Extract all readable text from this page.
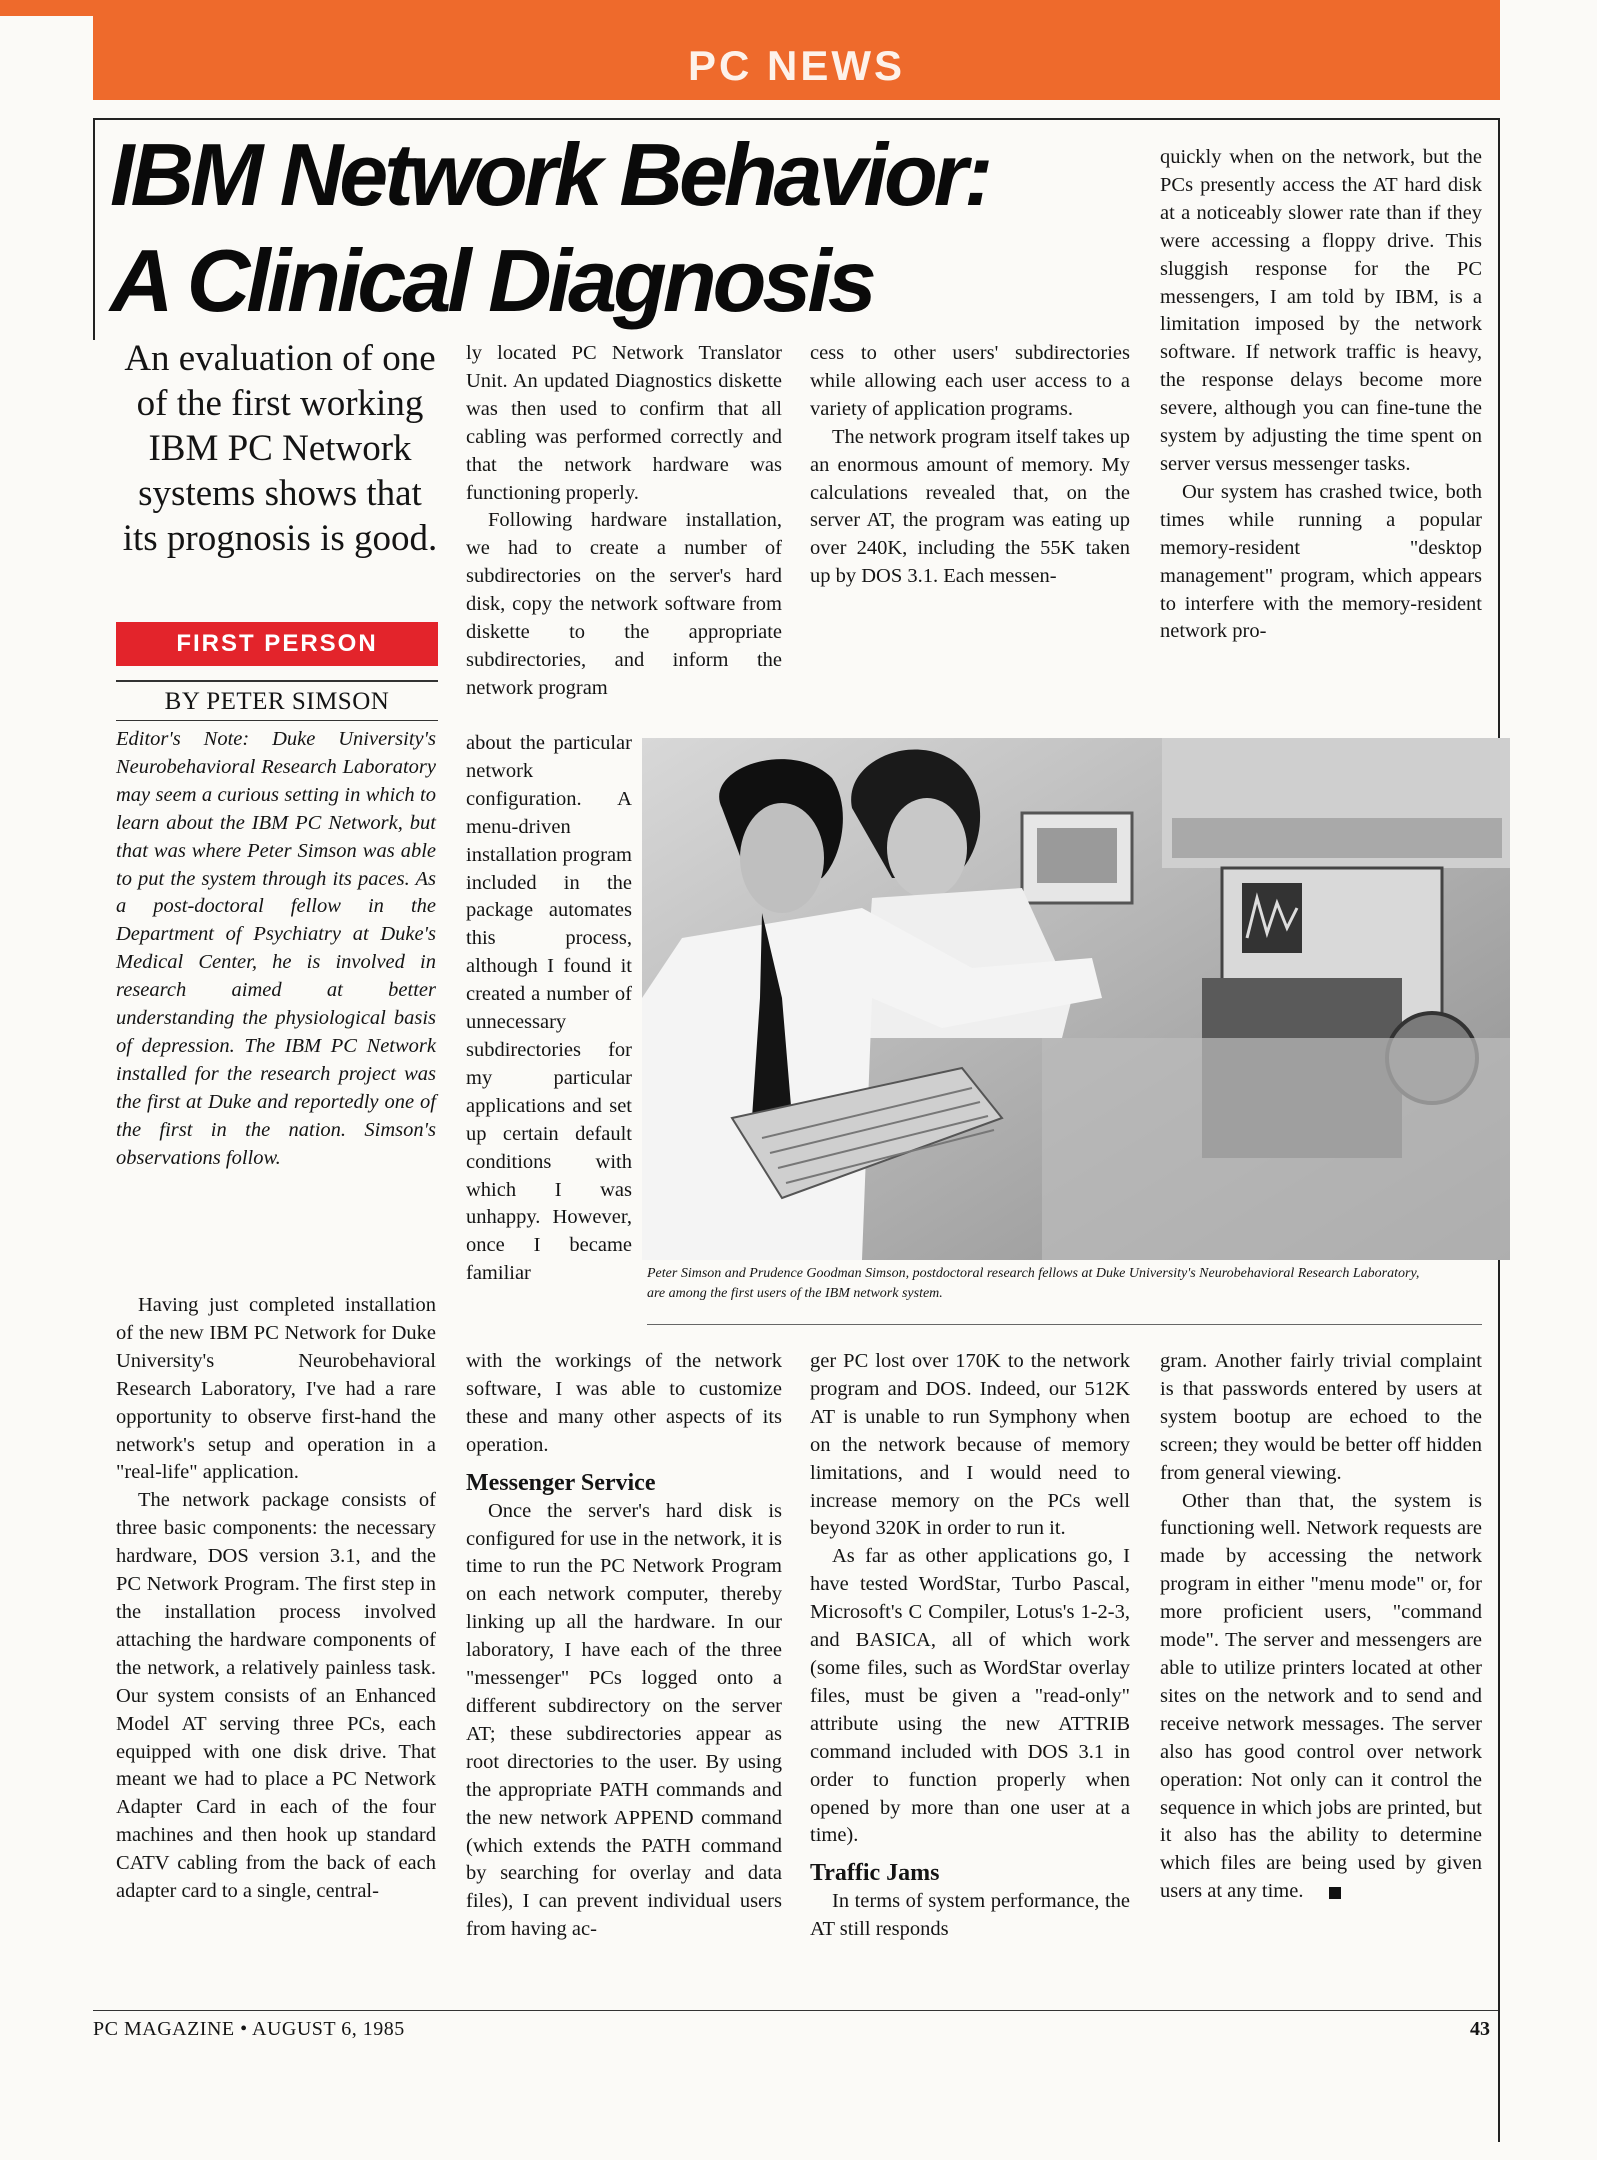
PC NEWS
IBM Network Behavior:
A Clinical Diagnosis
An evaluation of one of the first working IBM PC Network systems shows that its prognosis is good.
FIRST PERSON
BY PETER SIMSON
Editor's Note: Duke University's Neurobehavioral Research Laboratory may seem a curious setting in which to learn about the IBM PC Network, but that was where Peter Simson was able to put the system through its paces. As a post-doctoral fellow in the Department of Psychiatry at Duke's Medical Center, he is involved in research aimed at better understanding the physiological basis of depression. The IBM PC Network installed for the research project was the first at Duke and reportedly one of the first in the nation. Simson's observations follow.

Having just completed installation of the new IBM PC Network for Duke University's Neurobehavioral Research Laboratory, I've had a rare opportunity to observe first-hand the network's setup and operation in a "real-life" application.

The network package consists of three basic components: the necessary hardware, DOS version 3.1, and the PC Network Program. The first step in the installation process involved attaching the hardware components of the network, a relatively painless task. Our system consists of an Enhanced Model AT serving three PCs, each equipped with one disk drive. That meant we had to place a PC Network Adapter Card in each of the four machines and then hook up standard CATV cabling from the back of each adapter card to a single, central-

ly located PC Network Translator Unit. An updated Diagnostics diskette was then used to confirm that all cabling was performed correctly and that the network hardware was functioning properly.

Following hardware installation, we had to create a number of subdirectories on the server's hard disk, copy the network software from diskette to the appropriate subdirectories, and inform the network program

about the particular network configuration. A menu-driven installation program included in the package automates this process, although I found it created a number of unnecessary subdirectories for my particular applications and set up certain default conditions with which I was unhappy. However, once I became familiar

with the workings of the network software, I was able to customize these and many other aspects of its operation.

Messenger Service

Once the server's hard disk is configured for use in the network, it is time to run the PC Network Program on each network computer, thereby linking up all the hardware. In our laboratory, I have each of the three "messenger" PCs logged onto a different subdirectory on the server AT; these subdirectories appear as root directories to the user. By using the appropriate PATH commands and the new network APPEND command (which extends the PATH command by searching for overlay and data files), I can prevent individual users from having ac-

cess to other users' subdirectories while allowing each user access to a variety of application programs.

The network program itself takes up an enormous amount of memory. My calculations revealed that, on the server AT, the program was eating up over 240K, including the 55K taken up by DOS 3.1. Each messen-

ger PC lost over 170K to the network program and DOS. Indeed, our 512K AT is unable to run Symphony when on the network because of memory limitations, and I would need to increase memory on the PCs well beyond 320K in order to run it.

As far as other applications go, I have tested WordStar, Turbo Pascal, Microsoft's C Compiler, Lotus's 1-2-3, and BASICA, all of which work (some files, such as WordStar overlay files, must be given a "read-only" attribute using the new ATTRIB command included with DOS 3.1 in order to function properly when opened by more than one user at a time).

Traffic Jams

In terms of system performance, the AT still responds

quickly when on the network, but the PCs presently access the AT hard disk at a noticeably slower rate than if they were accessing a floppy drive. This sluggish response for the PC messengers, I am told by IBM, is a limitation imposed by the network software. If network traffic is heavy, the response delays become more severe, although you can fine-tune the system by adjusting the time spent on server versus messenger tasks.

Our system has crashed twice, both times while running a popular memory-resident "desktop management" program, which appears to interfere with the memory-resident network pro-

gram. Another fairly trivial complaint is that passwords entered by users at system bootup are echoed to the screen; they would be better off hidden from general viewing.

Other than that, the system is functioning well. Network requests are made by accessing the network program in either "menu mode" or, for more proficient users, "command mode". The server and messengers are able to utilize printers located at other sites on the network and to send and receive network messages. The server also has good control over network operation: Not only can it control the sequence in which jobs are printed, but it also has the ability to determine which files are being used by given users at any time.

Peter Simson and Prudence Goodman Simson, postdoctoral research fellows at Duke University's Neurobehavioral Research Laboratory, are among the first users of the IBM network system.
PC MAGAZINE • AUGUST 6, 1985	43
